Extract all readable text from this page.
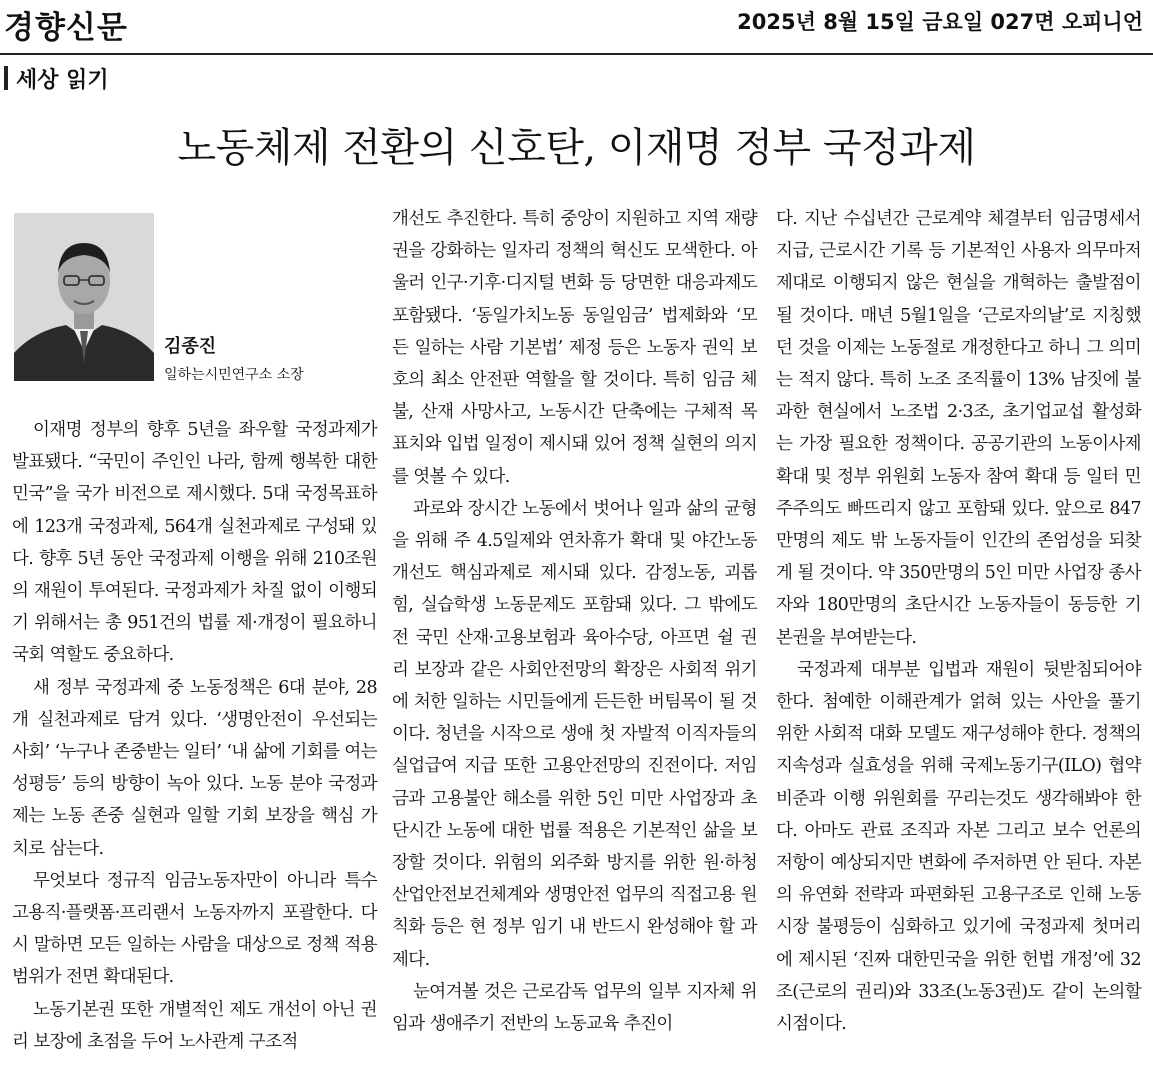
경향신문	2025년 8월 15일 금요일 027면 오피니언
세상 읽기
노동체제 전환의 신호탄, 이재명 정부 국정과제
김종진
일하는시민연구소 소장

이재명 정부의 향후 5년을 좌우할 국정과제가 발표됐다. “국민이 주인인 나라, 함께 행복한 대한민국”을 국가 비전으로 제시했다. 5대 국정목표하에 123개 국정과제, 564개 실천과제로 구성돼 있다. 향후 5년 동안 국정과제 이행을 위해 210조원의 재원이 투여된다. 국정과제가 차질 없이 이행되기 위해서는 총 951건의 법률 제·개정이 필요하니 국회 역할도 중요하다.

새 정부 국정과제 중 노동정책은 6대 분야, 28개 실천과제로 담겨 있다. ‘생명안전이 우선되는 사회’ ‘누구나 존중받는 일터’ ‘내 삶에 기회를 여는 성평등’ 등의 방향이 녹아 있다. 노동 분야 국정과제는 노동 존중 실현과 일할 기회 보장을 핵심 가치로 삼는다.

무엇보다 정규직 임금노동자만이 아니라 특수고용직·플랫폼·프리랜서 노동자까지 포괄한다. 다시 말하면 모든 일하는 사람을 대상으로 정책 적용 범위가 전면 확대된다.

노동기본권 또한 개별적인 제도 개선이 아닌 권리 보장에 초점을 두어 노사관계 구조적

개선도 추진한다. 특히 중앙이 지원하고 지역 재량권을 강화하는 일자리 정책의 혁신도 모색한다. 아울러 인구·기후·디지털 변화 등 당면한 대응과제도 포함됐다. ‘동일가치노동 동일임금’ 법제화와 ‘모든 일하는 사람 기본법’ 제정 등은 노동자 권익 보호의 최소 안전판 역할을 할 것이다. 특히 임금 체불, 산재 사망사고, 노동시간 단축에는 구체적 목표치와 입법 일정이 제시돼 있어 정책 실현의 의지를 엿볼 수 있다.

과로와 장시간 노동에서 벗어나 일과 삶의 균형을 위해 주 4.5일제와 연차휴가 확대 및 야간노동 개선도 핵심과제로 제시돼 있다. 감정노동, 괴롭힘, 실습학생 노동문제도 포함돼 있다. 그 밖에도 전 국민 산재·고용보험과 육아수당, 아프면 쉴 권리 보장과 같은 사회안전망의 확장은 사회적 위기에 처한 일하는 시민들에게 든든한 버팀목이 될 것이다. 청년을 시작으로 생애 첫 자발적 이직자들의 실업급여 지급 또한 고용안전망의 진전이다. 저임금과 고용불안 해소를 위한 5인 미만 사업장과 초단시간 노동에 대한 법률 적용은 기본적인 삶을 보장할 것이다. 위험의 외주화 방지를 위한 원·하청 산업안전보건체계와 생명안전 업무의 직접고용 원칙화 등은 현 정부 임기 내 반드시 완성해야 할 과제다.

눈여겨볼 것은 근로감독 업무의 일부 지자체 위임과 생애주기 전반의 노동교육 추진이

다. 지난 수십년간 근로계약 체결부터 임금명세서 지급, 근로시간 기록 등 기본적인 사용자 의무마저 제대로 이행되지 않은 현실을 개혁하는 출발점이 될 것이다. 매년 5월1일을 ‘근로자의날’로 지칭했던 것을 이제는 노동절로 개정한다고 하니 그 의미는 적지 않다. 특히 노조 조직률이 13% 남짓에 불과한 현실에서 노조법 2·3조, 초기업교섭 활성화는 가장 필요한 정책이다. 공공기관의 노동이사제 확대 및 정부 위원회 노동자 참여 확대 등 일터 민주주의도 빠뜨리지 않고 포함돼 있다. 앞으로 847만명의 제도 밖 노동자들이 인간의 존엄성을 되찾게 될 것이다. 약 350만명의 5인 미만 사업장 종사자와 180만명의 초단시간 노동자들이 동등한 기본권을 부여받는다.

국정과제 대부분 입법과 재원이 뒷받침되어야 한다. 첨예한 이해관계가 얽혀 있는 사안을 풀기 위한 사회적 대화 모델도 재구성해야 한다. 정책의 지속성과 실효성을 위해 국제노동기구(ILO) 협약 비준과 이행 위원회를 꾸리는것도 생각해봐야 한다. 아마도 관료 조직과 자본 그리고 보수 언론의 저항이 예상되지만 변화에 주저하면 안 된다. 자본의 유연화 전략과 파편화된 고용구조로 인해 노동시장 불평등이 심화하고 있기에 국정과제 첫머리에 제시된 ‘진짜 대한민국을 위한 헌법 개정’에 32조(근로의 권리)와 33조(노동3권)도 같이 논의할 시점이다.
